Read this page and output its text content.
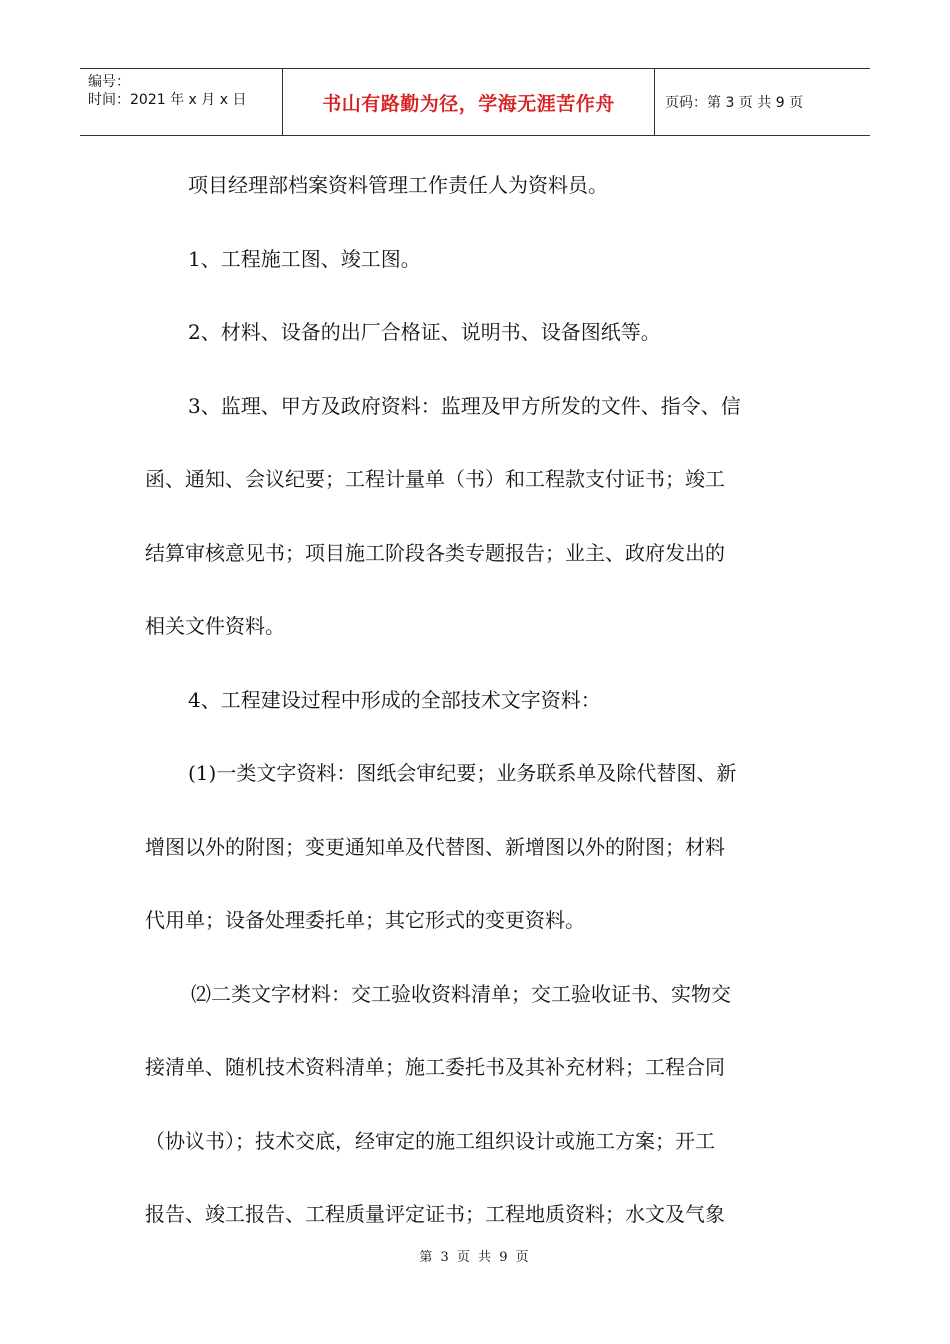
编号：
时间：2021 年 x 月 x 日	书山有路勤为径，学海无涯苦作舟	页码：第 3 页 共 9 页
项目经理部档案资料管理工作责任人为资料员。
1、工程施工图、竣工图。
2、材料、设备的出厂合格证、说明书、设备图纸等。
3、监理、甲方及政府资料：监理及甲方所发的文件、指令、信
函、通知、会议纪要；工程计量单（书）和工程款支付证书；竣工
结算审核意见书；项目施工阶段各类专题报告；业主、政府发出的
相关文件资料。
4、工程建设过程中形成的全部技术文字资料：
(1)一类文字资料：图纸会审纪要；业务联系单及除代替图、新
增图以外的附图；变更通知单及代替图、新增图以外的附图；材料
代用单；设备处理委托单；其它形式的变更资料。
⑵二类文字材料：交工验收资料清单；交工验收证书、实物交
接清单、随机技术资料清单；施工委托书及其补充材料；工程合同
（协议书）；技术交底，经审定的施工组织设计或施工方案；开工
报告、竣工报告、工程质量评定证书；工程地质资料；水文及气象
第 3 页 共 9 页
